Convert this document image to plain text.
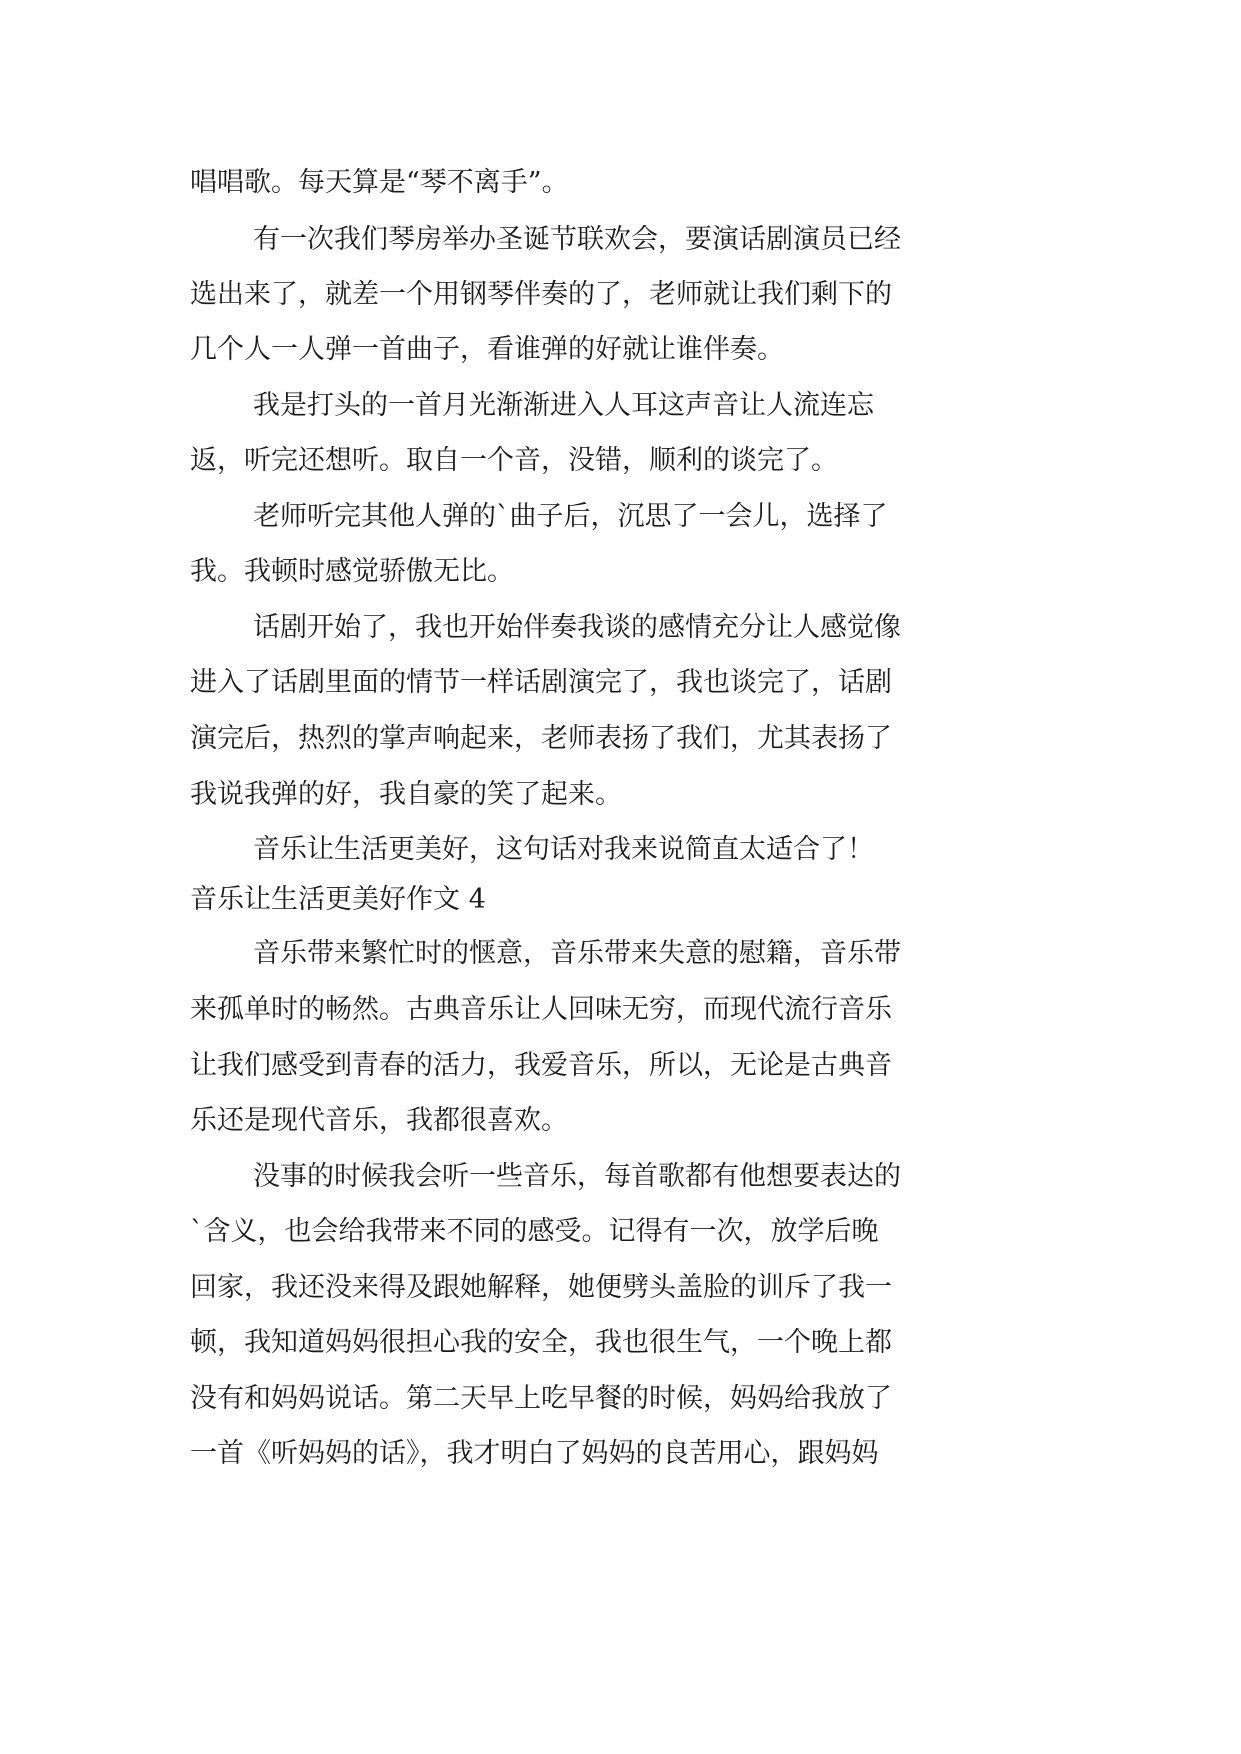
唱唱歌。每天算是“琴不离手”。
有一次我们琴房举办圣诞节联欢会，要演话剧演员已经
选出来了，就差一个用钢琴伴奏的了，老师就让我们剩下的
几个人一人弹一首曲子，看谁弹的好就让谁伴奏。
我是打头的一首月光渐渐进入人耳这声音让人流连忘
返，听完还想听。取自一个音，没错，顺利的谈完了。
老师听完其他人弹的`曲子后，沉思了一会儿，选择了
我。我顿时感觉骄傲无比。
话剧开始了，我也开始伴奏我谈的感情充分让人感觉像
进入了话剧里面的情节一样话剧演完了，我也谈完了，话剧
演完后，热烈的掌声响起来，老师表扬了我们，尤其表扬了
我说我弹的好，我自豪的笑了起来。
音乐让生活更美好，这句话对我来说简直太适合了！
音乐让生活更美好作文 4
音乐带来繁忙时的惬意，音乐带来失意的慰籍，音乐带
来孤单时的畅然。古典音乐让人回味无穷，而现代流行音乐
让我们感受到青春的活力，我爱音乐，所以，无论是古典音
乐还是现代音乐，我都很喜欢。
没事的时候我会听一些音乐，每首歌都有他想要表达的
`含义，也会给我带来不同的感受。记得有一次，放学后晚
回家，我还没来得及跟她解释，她便劈头盖脸的训斥了我一
顿，我知道妈妈很担心我的安全，我也很生气，一个晚上都
没有和妈妈说话。第二天早上吃早餐的时候，妈妈给我放了
一首《听妈妈的话》，我才明白了妈妈的良苦用心，跟妈妈
